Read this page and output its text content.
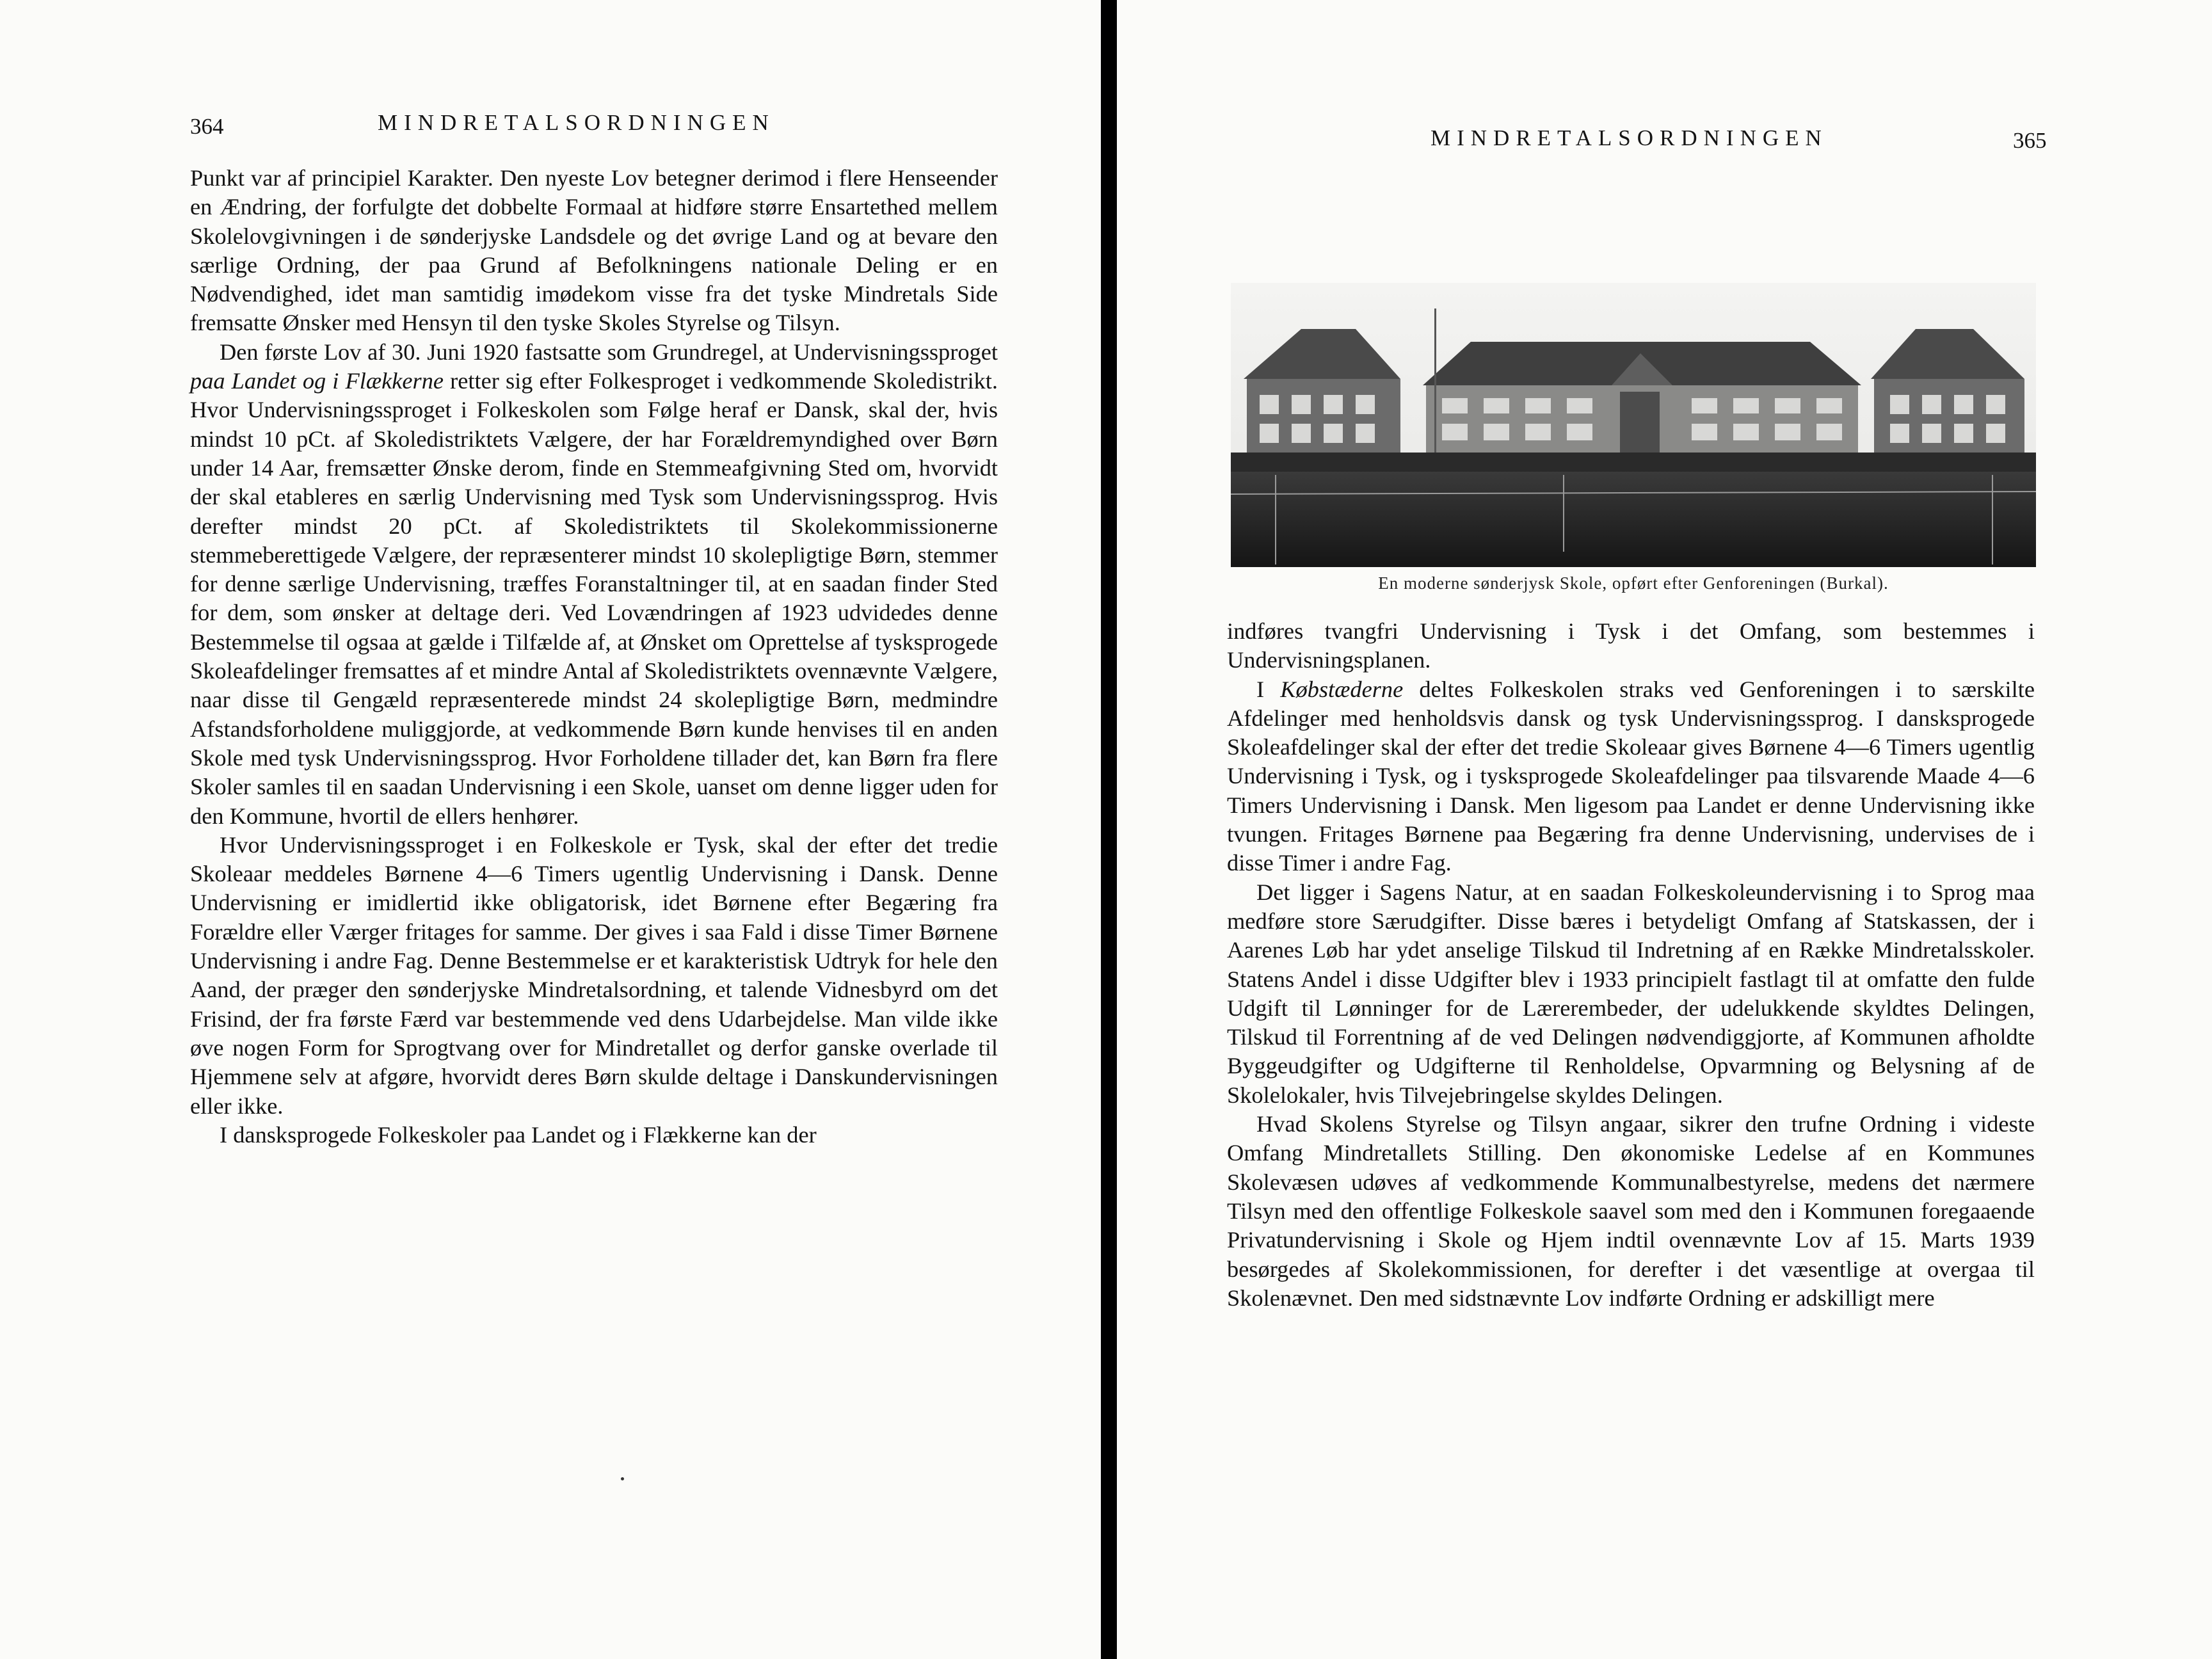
364	MINDRETALSORDNINGEN

Punkt var af principiel Karakter. Den nyeste Lov betegner derimod i flere Henseender en Ændring, der forfulgte det dobbelte Formaal at hidføre større Ensartethed mellem Skolelovgivningen i de sønderjyske Landsdele og det øvrige Land og at bevare den særlige Ordning, der paa Grund af Befolkningens nationale Deling er en Nødvendighed, idet man samtidig imødekom visse fra det tyske Mindretals Side fremsatte Ønsker med Hensyn til den tyske Skoles Styrelse og Tilsyn.

Den første Lov af 30. Juni 1920 fastsatte som Grundregel, at Undervisningssproget paa Landet og i Flækkerne retter sig efter Folkesproget i vedkommende Skoledistrikt. Hvor Undervisningssproget i Folkeskolen som Følge heraf er Dansk, skal der, hvis mindst 10 pCt. af Skoledistriktets Vælgere, der har Forældremyndighed over Børn under 14 Aar, fremsætter Ønske derom, finde en Stemmeafgivning Sted om, hvorvidt der skal etableres en særlig Undervisning med Tysk som Undervisningssprog. Hvis derefter mindst 20 pCt. af Skoledistriktets til Skolekommissionerne stemmeberettigede Vælgere, der repræsenterer mindst 10 skolepligtige Børn, stemmer for denne særlige Undervisning, træffes Foranstaltninger til, at en saadan finder Sted for dem, som ønsker at deltage deri. Ved Lovændringen af 1923 udvidedes denne Bestemmelse til ogsaa at gælde i Tilfælde af, at Ønsket om Oprettelse af tysksprogede Skoleafdelinger fremsattes af et mindre Antal af Skoledistriktets ovennævnte Vælgere, naar disse til Gengæld repræsenterede mindst 24 skolepligtige Børn, medmindre Afstandsforholdene muliggjorde, at vedkommende Børn kunde henvises til en anden Skole med tysk Undervisningssprog. Hvor Forholdene tillader det, kan Børn fra flere Skoler samles til en saadan Undervisning i een Skole, uanset om denne ligger uden for den Kommune, hvortil de ellers henhører.

Hvor Undervisningssproget i en Folkeskole er Tysk, skal der efter det tredie Skoleaar meddeles Børnene 4—6 Timers ugentlig Undervisning i Dansk. Denne Undervisning er imidlertid ikke obligatorisk, idet Børnene efter Begæring fra Forældre eller Værger fritages for samme. Der gives i saa Fald i disse Timer Børnene Undervisning i andre Fag. Denne Bestemmelse er et karakteristisk Udtryk for hele den Aand, der præger den sønderjyske Mindretalsordning, et talende Vidnesbyrd om det Frisind, der fra første Færd var bestemmende ved dens Udarbejdelse. Man vilde ikke øve nogen Form for Sprogtvang over for Mindretallet og derfor ganske overlade til Hjemmene selv at afgøre, hvorvidt deres Børn skulde deltage i Danskundervisningen eller ikke.

I dansksprogede Folkeskoler paa Landet og i Flækkerne kan der

MINDRETALSORDNINGEN	365
En moderne sønderjysk Skole, opført efter Genforeningen (Burkal).

indføres tvangfri Undervisning i Tysk i det Omfang, som bestemmes i Undervisningsplanen.

I Købstæderne deltes Folkeskolen straks ved Genforeningen i to særskilte Afdelinger med henholdsvis dansk og tysk Undervisningssprog. I dansksprogede Skoleafdelinger skal der efter det tredie Skoleaar gives Børnene 4—6 Timers ugentlig Undervisning i Tysk, og i tysksprogede Skoleafdelinger paa tilsvarende Maade 4—6 Timers Undervisning i Dansk. Men ligesom paa Landet er denne Undervisning ikke tvungen. Fritages Børnene paa Begæring fra denne Undervisning, undervises de i disse Timer i andre Fag.

Det ligger i Sagens Natur, at en saadan Folkeskoleundervisning i to Sprog maa medføre store Særudgifter. Disse bæres i betydeligt Omfang af Statskassen, der i Aarenes Løb har ydet anselige Tilskud til Indretning af en Række Mindretalsskoler. Statens Andel i disse Udgifter blev i 1933 principielt fastlagt til at omfatte den fulde Udgift til Lønninger for de Lærerembeder, der udelukkende skyldtes Delingen, Tilskud til Forrentning af de ved Delingen nødvendiggjorte, af Kommunen afholdte Byggeudgifter og Udgifterne til Renholdelse, Opvarmning og Belysning af de Skolelokaler, hvis Tilvejebringelse skyldes Delingen.

Hvad Skolens Styrelse og Tilsyn angaar, sikrer den trufne Ordning i videste Omfang Mindretallets Stilling. Den økonomiske Ledelse af en Kommunes Skolevæsen udøves af vedkommende Kommunalbestyrelse, medens det nærmere Tilsyn med den offentlige Folkeskole saavel som med den i Kommunen foregaaende Privatundervisning i Skole og Hjem indtil ovennævnte Lov af 15. Marts 1939 besørgedes af Skolekommissionen, for derefter i det væsentlige at overgaa til Skolenævnet. Den med sidstnævnte Lov indførte Ordning er adskilligt mere
